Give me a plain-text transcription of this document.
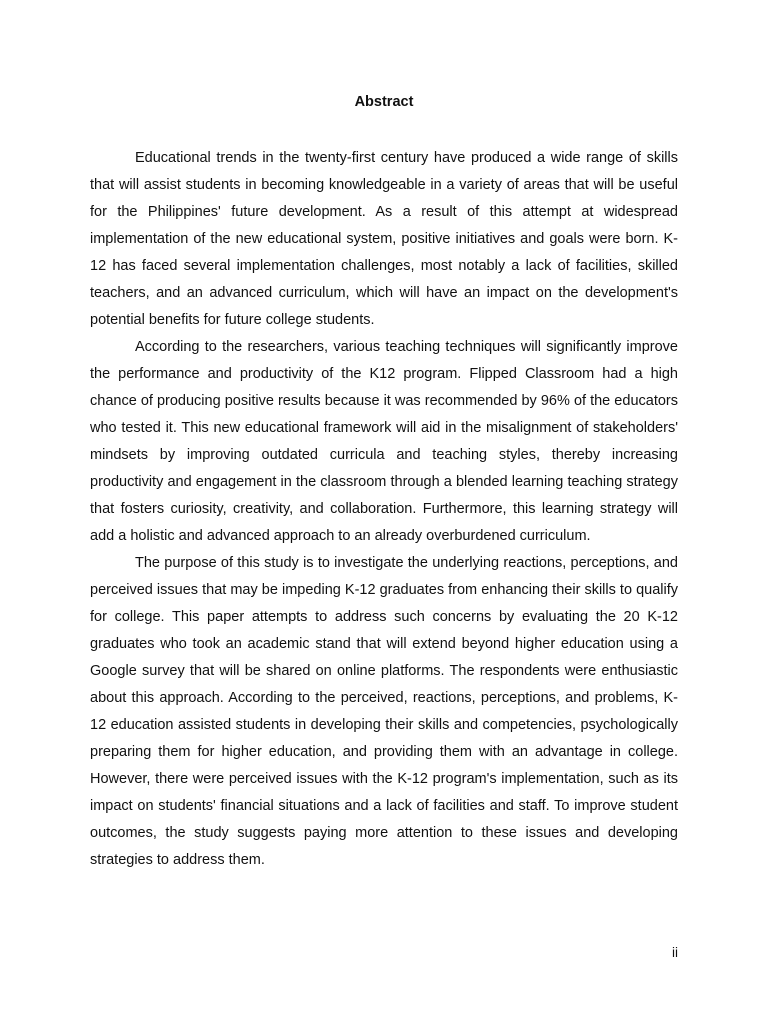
Abstract

Educational trends in the twenty-first century have produced a wide range of skills that will assist students in becoming knowledgeable in a variety of areas that will be useful for the Philippines' future development. As a result of this attempt at widespread implementation of the new educational system, positive initiatives and goals were born. K-12 has faced several implementation challenges, most notably a lack of facilities, skilled teachers, and an advanced curriculum, which will have an impact on the development's potential benefits for future college students.

According to the researchers, various teaching techniques will significantly improve the performance and productivity of the K12 program. Flipped Classroom had a high chance of producing positive results because it was recommended by 96% of the educators who tested it. This new educational framework will aid in the misalignment of stakeholders' mindsets by improving outdated curricula and teaching styles, thereby increasing productivity and engagement in the classroom through a blended learning teaching strategy that fosters curiosity, creativity, and collaboration. Furthermore, this learning strategy will add a holistic and advanced approach to an already overburdened curriculum.

The purpose of this study is to investigate the underlying reactions, perceptions, and perceived issues that may be impeding K-12 graduates from enhancing their skills to qualify for college. This paper attempts to address such concerns by evaluating the 20 K-12 graduates who took an academic stand that will extend beyond higher education using a Google survey that will be shared on online platforms. The respondents were enthusiastic about this approach. According to the perceived, reactions, perceptions, and problems, K-12 education assisted students in developing their skills and competencies, psychologically preparing them for higher education, and providing them with an advantage in college. However, there were perceived issues with the K-12 program's implementation, such as its impact on students' financial situations and a lack of facilities and staff. To improve student outcomes, the study suggests paying more attention to these issues and developing strategies to address them.

ii
